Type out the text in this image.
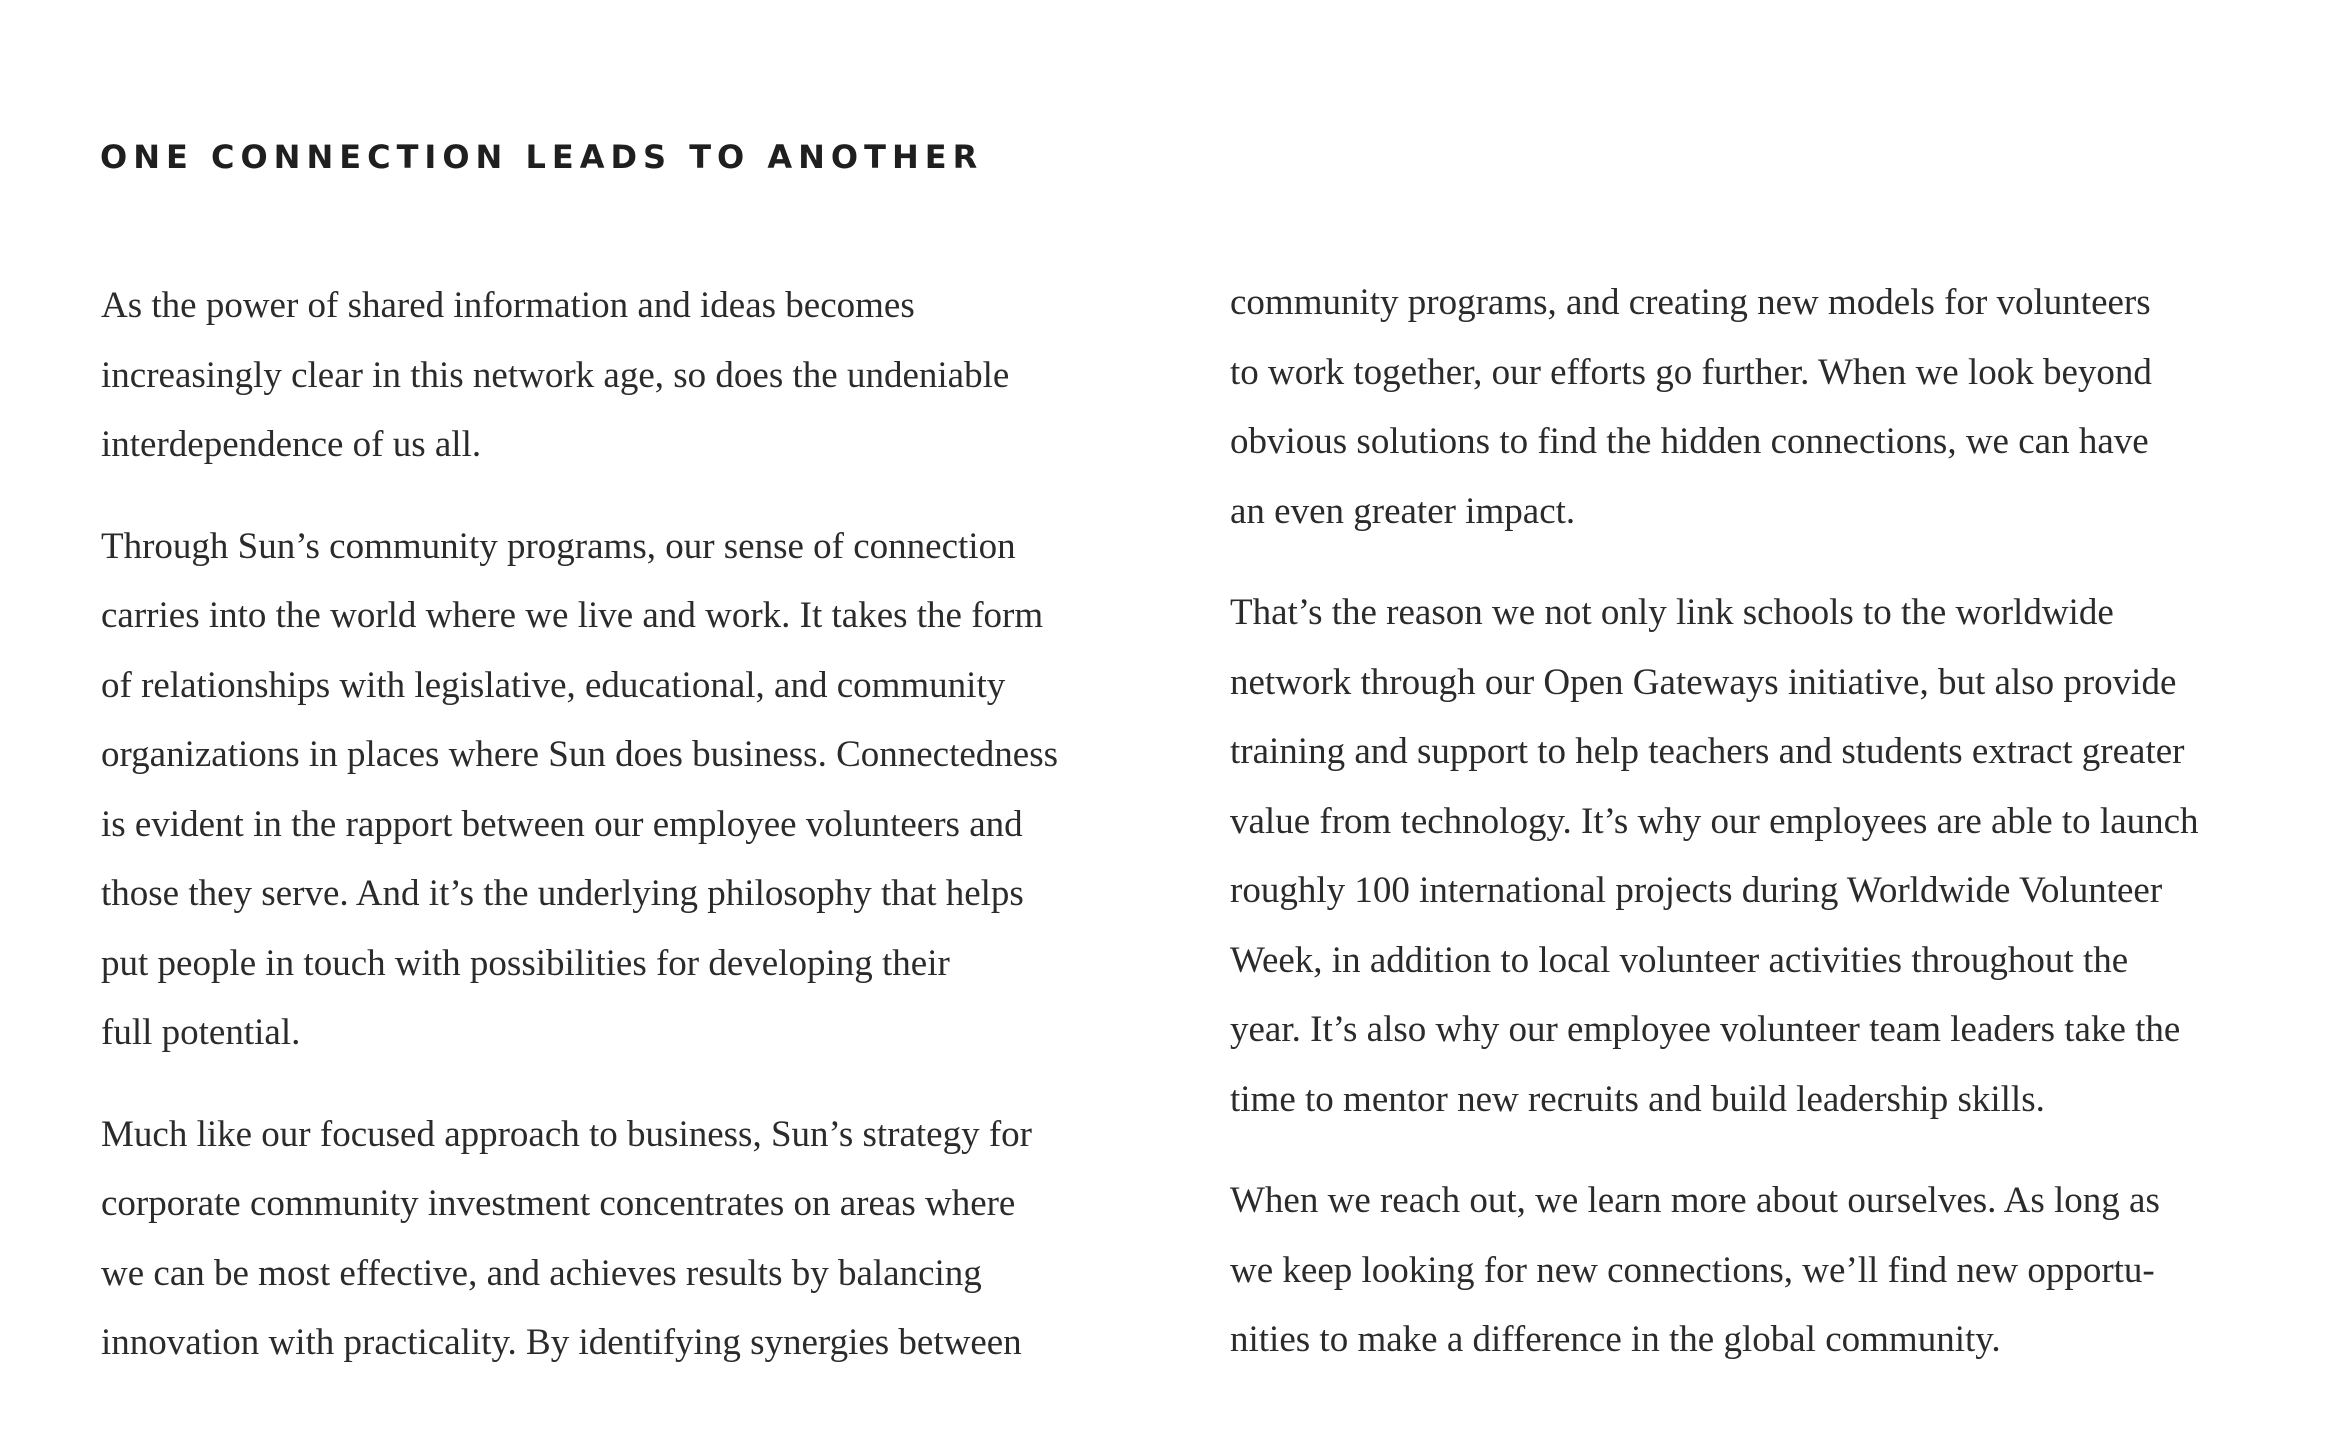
ONE CONNECTION LEADS TO ANOTHER
As the power of shared information and ideas becomes
increasingly clear in this network age, so does the undeniable
interdependence of us all.
Through Sun’s community programs, our sense of connection
carries into the world where we live and work. It takes the form
of relationships with legislative, educational, and community
organizations in places where Sun does business. Connectedness
is evident in the rapport between our employee volunteers and
those they serve. And it’s the underlying philosophy that helps
put people in touch with possibilities for developing their
full potential.
Much like our focused approach to business, Sun’s strategy for
corporate community investment concentrates on areas where
we can be most effective, and achieves results by balancing
innovation with practicality. By identifying synergies between
community programs, and creating new models for volunteers
to work together, our efforts go further. When we look beyond
obvious solutions to find the hidden connections, we can have
an even greater impact.
That’s the reason we not only link schools to the worldwide
network through our Open Gateways initiative, but also provide
training and support to help teachers and students extract greater
value from technology. It’s why our employees are able to launch
roughly 100 international projects during Worldwide Volunteer
Week, in addition to local volunteer activities throughout the
year. It’s also why our employee volunteer team leaders take the
time to mentor new recruits and build leadership skills.
When we reach out, we learn more about ourselves. As long as
we keep looking for new connections, we’ll find new opportu-
nities to make a difference in the global community.
